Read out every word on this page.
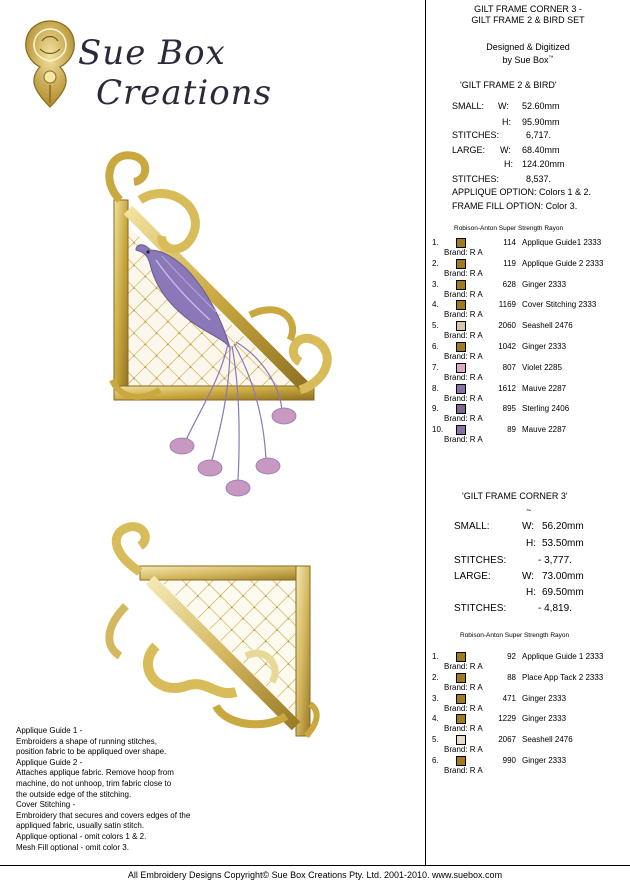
Sue Box
Creations
Applique Guide 1 -
Embroiders a shape of running stitches,
position fabric to be appliqued over shape.
Applique Guide 2 -
Attaches applique fabric. Remove hoop from
machine, do not unhoop, trim fabric close to
the outside edge of the stitching.
Cover Stitching -
Embroidery that secures and covers edges of the
appliqued fabric, usually satin stitch.
Applique optional - omit colors 1 & 2.
Mesh Fill optional - omit color 3.
GILT FRAME CORNER 3 -
GILT FRAME 2 & BIRD SET
Designed & Digitized
by Sue Box™
'GILT FRAME 2 & BIRD'
SMALL: W: 52.60mm
H: 95.90mm
STITCHES:	6,717.
LARGE: W: 68.40mm
H: 124.20mm
STITCHES:	8,537.
APPLIQUE OPTION: Colors 1 & 2.
FRAME FILL OPTION: Color 3.
Robison-Anton Super Strength Rayon
1.	114 Applique Guide1 2333
Brand: R A
2.	119 Applique Guide 2 2333
Brand: R A
3.	628 Ginger 2333
Brand: R A
4.	1169 Cover Stitching 2333
Brand: R A
5.	2060 Seashell 2476
Brand: R A
6.	1042 Ginger 2333
Brand: R A
7.	807 Violet 2285
Brand: R A
8.	1612 Mauve 2287
Brand: R A
9.	895 Sterling 2406
Brand: R A
10.	89 Mauve 2287
Brand: R A
'GILT FRAME CORNER 3'
~
SMALL:	W: 56.20mm
H: 53.50mm
STITCHES:	- 3,777.
LARGE:	W: 73.00mm
H: 69.50mm
STITCHES:	- 4,819.
Robison-Anton Super Strength Rayon
1.	92 Applique Guide 1 2333
Brand: R A
2.	88 Place App Tack 2 2333
Brand: R A
3.	471 Ginger 2333
Brand: R A
4.	1229 Ginger 2333
Brand: R A
5.	2067 Seashell 2476
Brand: R A
6.	990 Ginger 2333
Brand: R A
All Embroidery Designs Copyright© Sue Box Creations Pty. Ltd. 2001-2010. www.suebox.com
